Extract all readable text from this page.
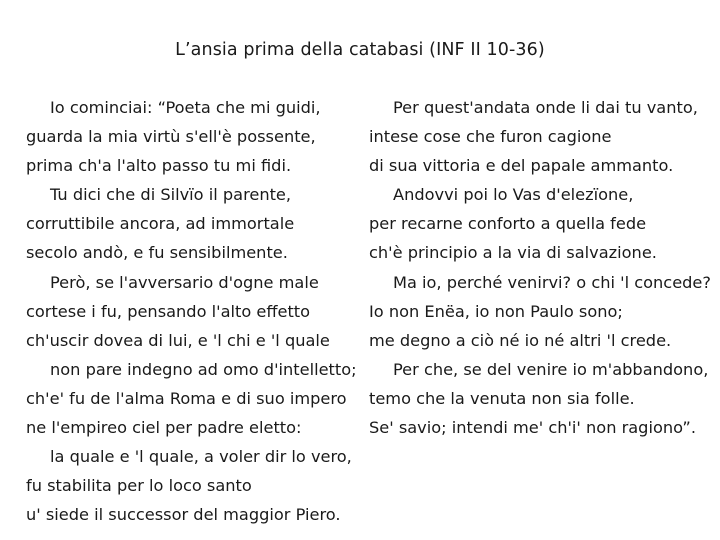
L’ansia prima della catabasi (INF II 10-36)
Io cominciai: “Poeta che mi guidi,
guarda la mia virtù s'ell'è possente,
prima ch'a l'alto passo tu mi fidi.
Tu dici che di Silvïo il parente,
corruttibile ancora, ad immortale
secolo andò, e fu sensibilmente.
Però, se l'avversario d'ogne male
cortese i fu, pensando l'alto effetto
ch'uscir dovea di lui, e 'l chi e 'l quale
non pare indegno ad omo d'intelletto;
ch'e' fu de l'alma Roma e di suo impero
ne l'empireo ciel per padre eletto:
la quale e 'l quale, a voler dir lo vero,
fu stabilita per lo loco santo
u' siede il successor del maggior Piero.
Per quest'andata onde li dai tu vanto,
intese cose che furon cagione
di sua vittoria e del papale ammanto.
Andovvi poi lo Vas d'elezïone,
per recarne conforto a quella fede
ch'è principio a la via di salvazione.
Ma io, perché venirvi? o chi 'l concede?
Io non Enëa, io non Paulo sono;
me degno a ciò né io né altri 'l crede.
Per che, se del venire io m'abbandono,
temo che la venuta non sia folle.
Se' savio; intendi me' ch'i' non ragiono”.
